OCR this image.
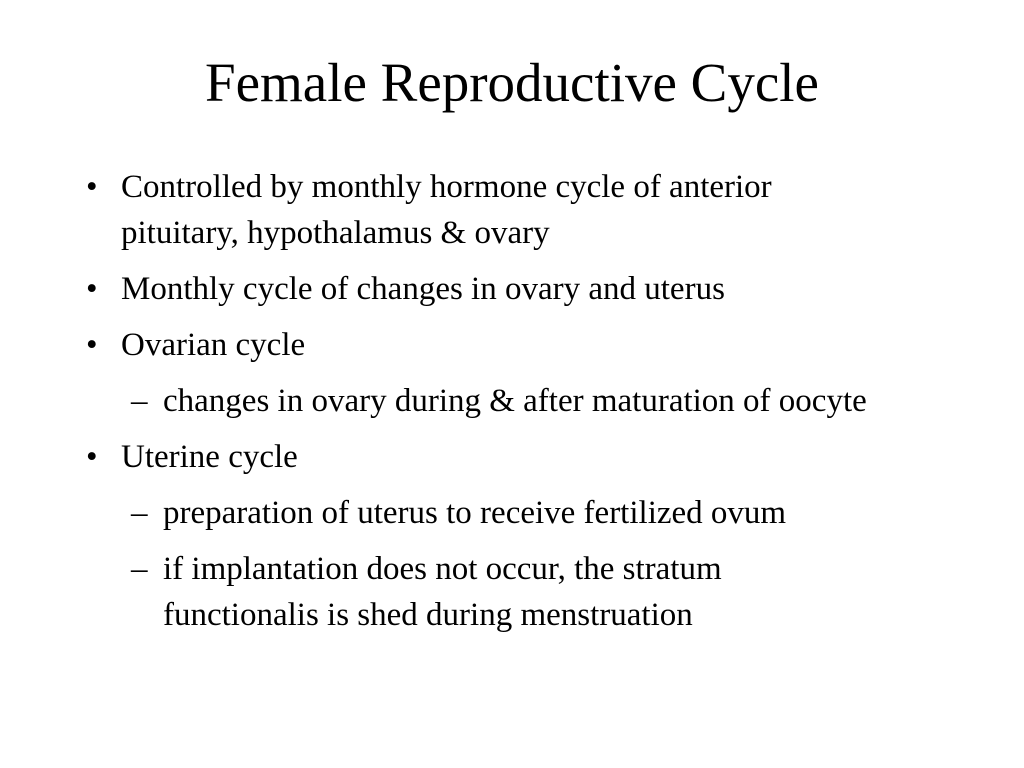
Female Reproductive Cycle
• Controlled by monthly hormone cycle of anterior
pituitary, hypothalamus & ovary
• Monthly cycle of changes in ovary and uterus
• Ovarian cycle
– changes in ovary during & after maturation of oocyte
• Uterine cycle
– preparation of uterus to receive fertilized ovum
– if implantation does not occur, the stratum
functionalis is shed during menstruation
